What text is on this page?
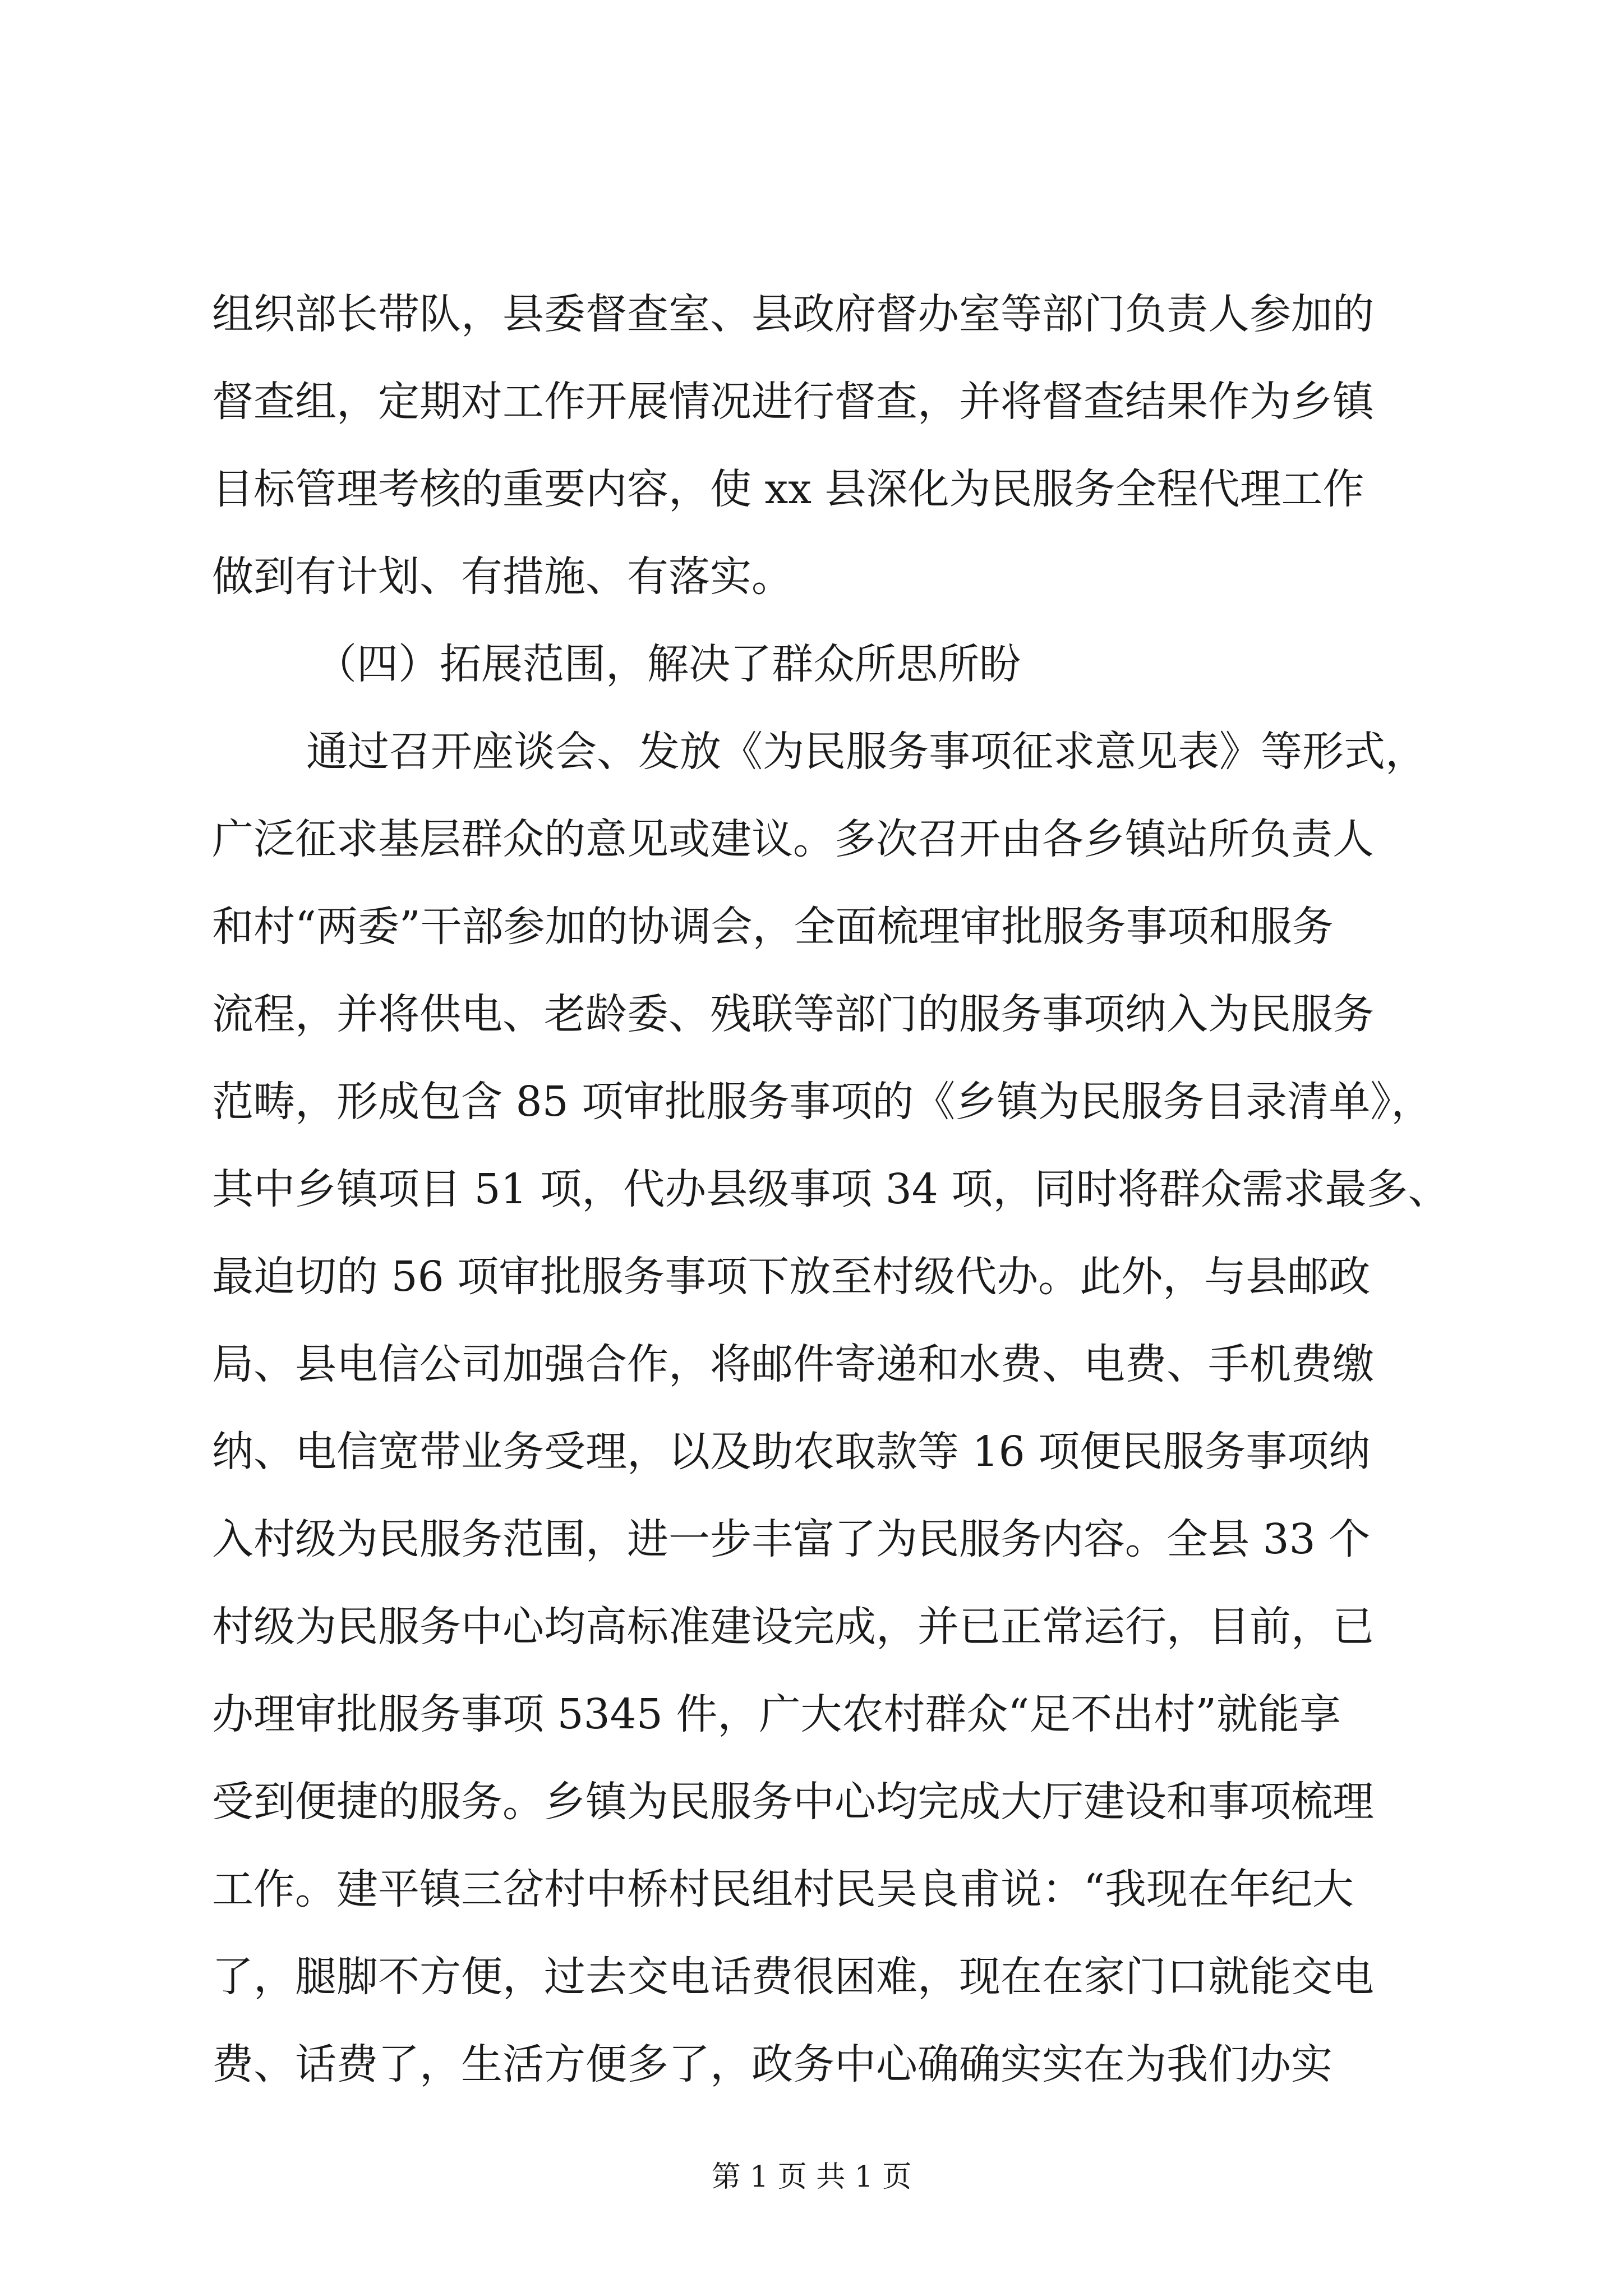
组织部长带队，县委督查室、县政府督办室等部门负责人参加的
督查组，定期对工作开展情况进行督查，并将督查结果作为乡镇
目标管理考核的重要内容，使 xx 县深化为民服务全程代理工作
做到有计划、有措施、有落实。
（四）拓展范围，解决了群众所思所盼
通过召开座谈会、发放《为民服务事项征求意见表》等形式，
广泛征求基层群众的意见或建议。多次召开由各乡镇站所负责人
和村“两委”干部参加的协调会，全面梳理审批服务事项和服务
流程，并将供电、老龄委、残联等部门的服务事项纳入为民服务
范畴，形成包含 85 项审批服务事项的《乡镇为民服务目录清单》，
其中乡镇项目 51 项，代办县级事项 34 项，同时将群众需求最多、
最迫切的 56 项审批服务事项下放至村级代办。此外，与县邮政
局、县电信公司加强合作，将邮件寄递和水费、电费、手机费缴
纳、电信宽带业务受理，以及助农取款等 16 项便民服务事项纳
入村级为民服务范围，进一步丰富了为民服务内容。全县 33 个
村级为民服务中心均高标准建设完成，并已正常运行，目前，已
办理审批服务事项 5345 件，广大农村群众“足不出村”就能享
受到便捷的服务。乡镇为民服务中心均完成大厅建设和事项梳理
工作。建平镇三岔村中桥村民组村民吴良甫说：“我现在年纪大
了，腿脚不方便，过去交电话费很困难，现在在家门口就能交电
费、话费了，生活方便多了，政务中心确确实实在为我们办实
第 1 页 共 1 页
